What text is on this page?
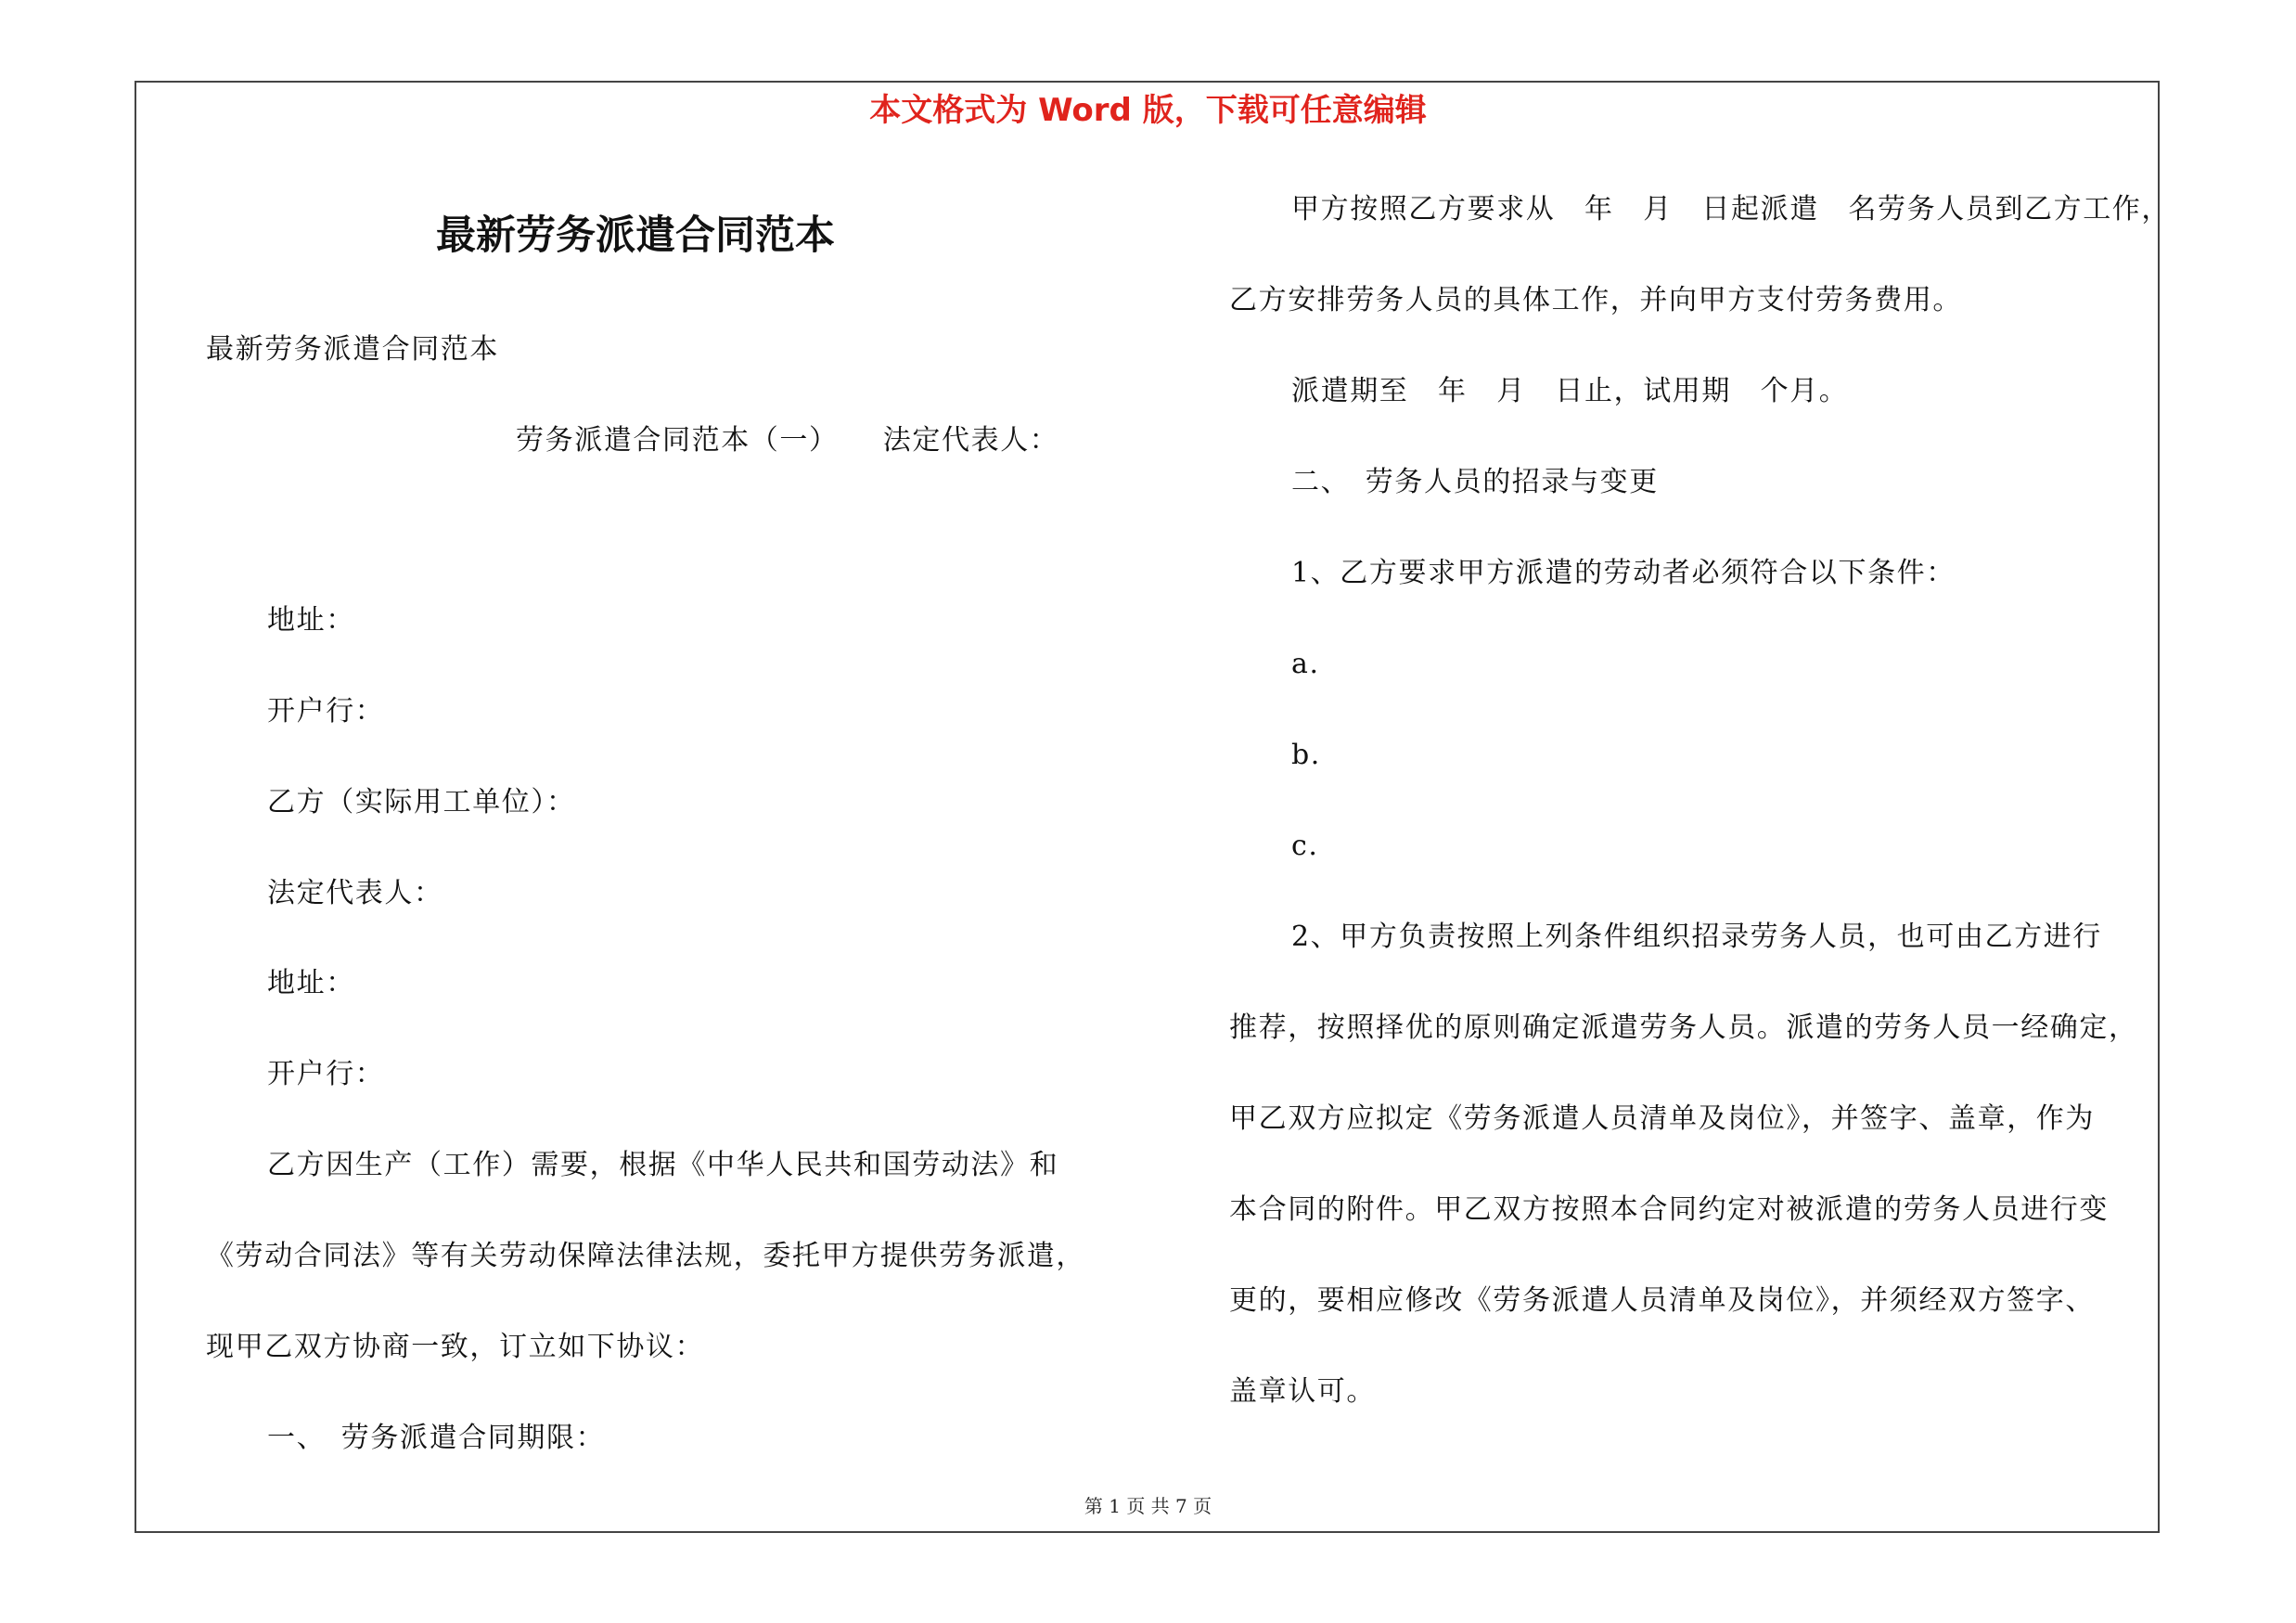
本文格式为 Word 版，下载可任意编辑

最新劳务派遣合同范本

最新劳务派遣合同范本

劳务派遣合同范本（一）　　法定代表人：

地址：

开户行：

乙方（实际用工单位）：

法定代表人：

地址：

开户行：

乙方因生产（工作）需要，根据《中华人民共和国劳动法》和

《劳动合同法》等有关劳动保障法律法规，委托甲方提供劳务派遣，

现甲乙双方协商一致，订立如下协议：

一、　劳务派遣合同期限：

甲方按照乙方要求从　年　月　日起派遣　名劳务人员到乙方工作，

乙方安排劳务人员的具体工作，并向甲方支付劳务费用。

派遣期至　年　月　日止，试用期　个月。

二、　劳务人员的招录与变更

1、乙方要求甲方派遣的劳动者必须符合以下条件：

a.

b.

c.

2、甲方负责按照上列条件组织招录劳务人员，也可由乙方进行

推荐，按照择优的原则确定派遣劳务人员。派遣的劳务人员一经确定，

甲乙双方应拟定《劳务派遣人员清单及岗位》，并签字、盖章，作为

本合同的附件。甲乙双方按照本合同约定对被派遣的劳务人员进行变

更的，要相应修改《劳务派遣人员清单及岗位》，并须经双方签字、

盖章认可。

第 1 页 共 7 页
